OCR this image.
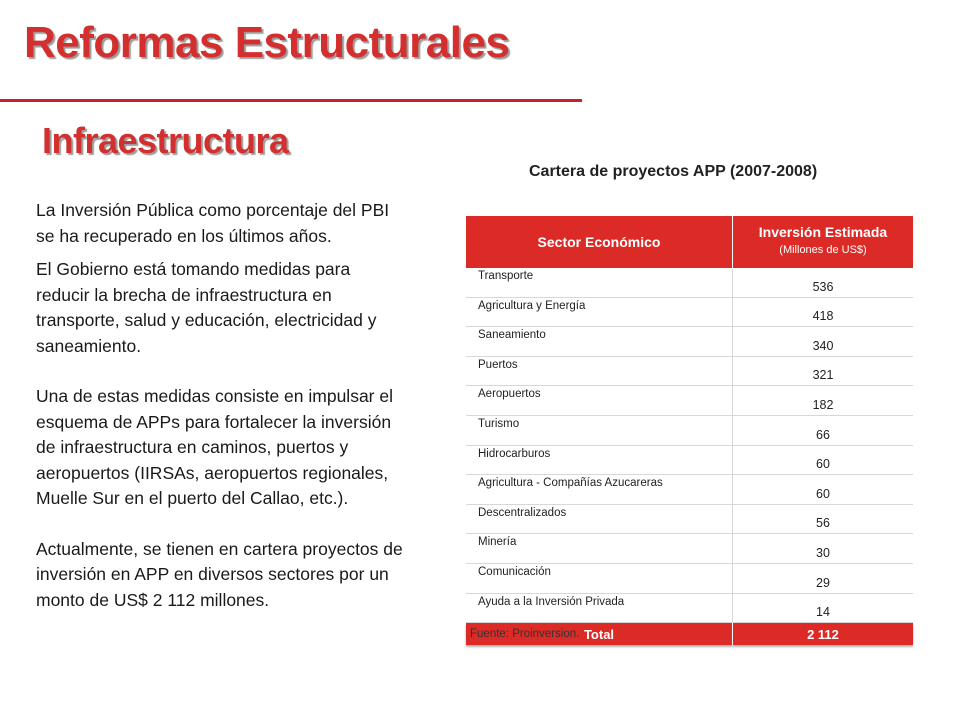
Reformas Estructurales
Infraestructura

La Inversión Pública como porcentaje del PBI se ha recuperado en los últimos años.

El Gobierno está tomando medidas para reducir la brecha de infraestructura en transporte, salud y educación, electricidad y saneamiento.

Una de estas medidas consiste en impulsar el esquema de APPs para fortalecer la inversión de infraestructura en caminos, puertos y aeropuertos (IIRSAs, aeropuertos regionales, Muelle Sur en el puerto del Callao, etc.).

Actualmente, se tienen en cartera proyectos de inversión en APP en diversos sectores por un monto de US$ 2 112 millones.

Cartera de proyectos APP (2007-2008)
Sector Económico	Inversión Estimada
(Millones de US$)

Transporte	536
Agricultura y Energía	418
Saneamiento	340
Puertos	321
Aeropuertos	182
Turismo	66
Hidrocarburos	60
Agricultura - Compañías Azucareras	60
Descentralizados	56
Minería	30
Comunicación	29
Ayuda a la Inversión Privada	14
Total	2 112
Fuente: Proinversion.
